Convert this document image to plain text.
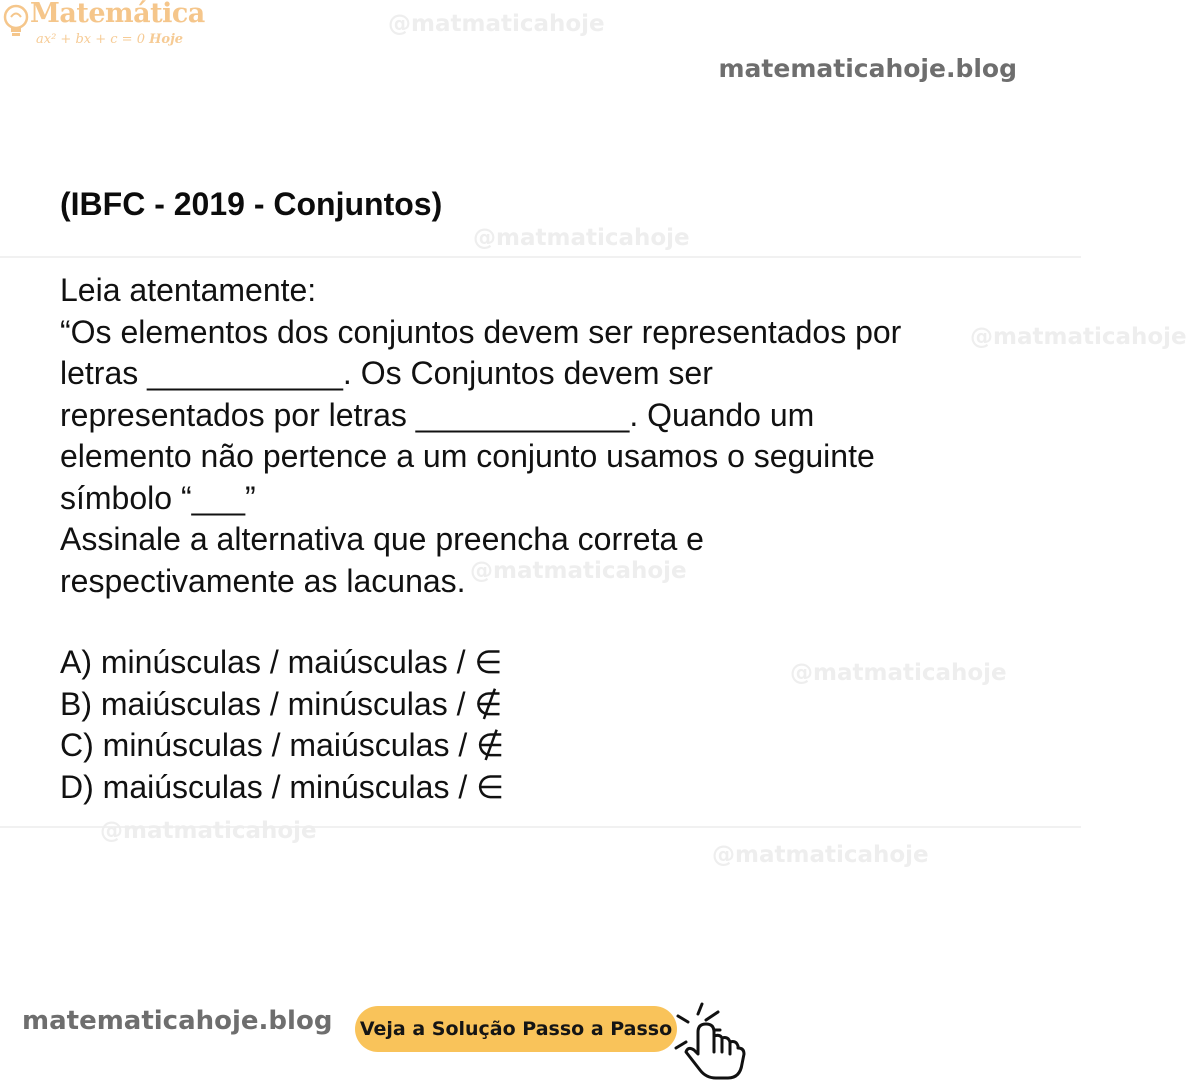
@matmaticahoje
@matmaticahoje
@matmaticahoje
@matmaticahoje
@matmaticahoje
@matmaticahoje
@matmaticahoje
Matemática
ax² + bx + c = 0 Hoje
matematicahoje.blog
(IBFC - 2019 - Conjuntos)
Leia atentamente:
“Os elementos dos conjuntos devem ser representados por
letras ___________. Os Conjuntos devem ser
representados por letras ____________. Quando um
elemento não pertence a um conjunto usamos o seguinte
símbolo “___”
Assinale a alternativa que preencha correta e
respectivamente as lacunas.
A) minúsculas / maiúsculas / ∈
B) maiúsculas / minúsculas / ∉
C) minúsculas / maiúsculas / ∉
D) maiúsculas / minúsculas / ∈
matematicahoje.blog Veja a Solução Passo a Passo
